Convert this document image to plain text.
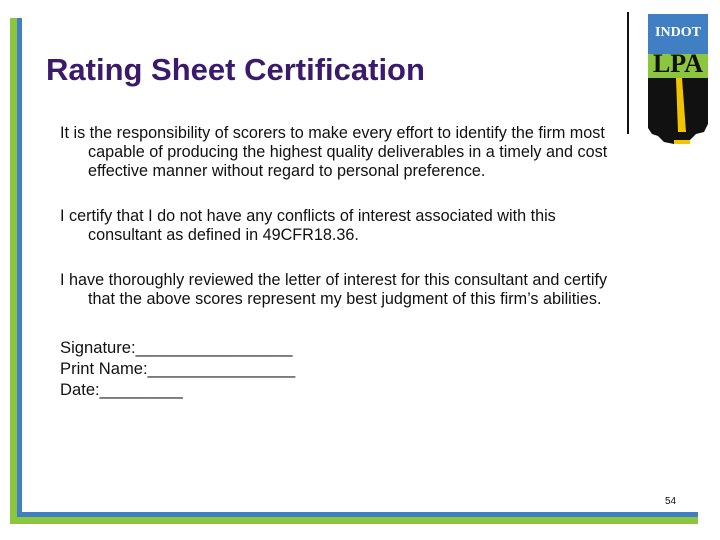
Rating Sheet Certification
INDOT
LPA

It is the responsibility of scorers to make every effort to identify the firm most capable of producing the highest quality deliverables in a timely and cost effective manner without regard to personal preference.

I certify that I do not have any conflicts of interest associated with this consultant as defined in 49CFR18.36.

I have thoroughly reviewed the letter of interest for this consultant and certify that the above scores represent my best judgment of this firm’s abilities.

Signature:_________________
Print Name:________________
Date:_________
54
